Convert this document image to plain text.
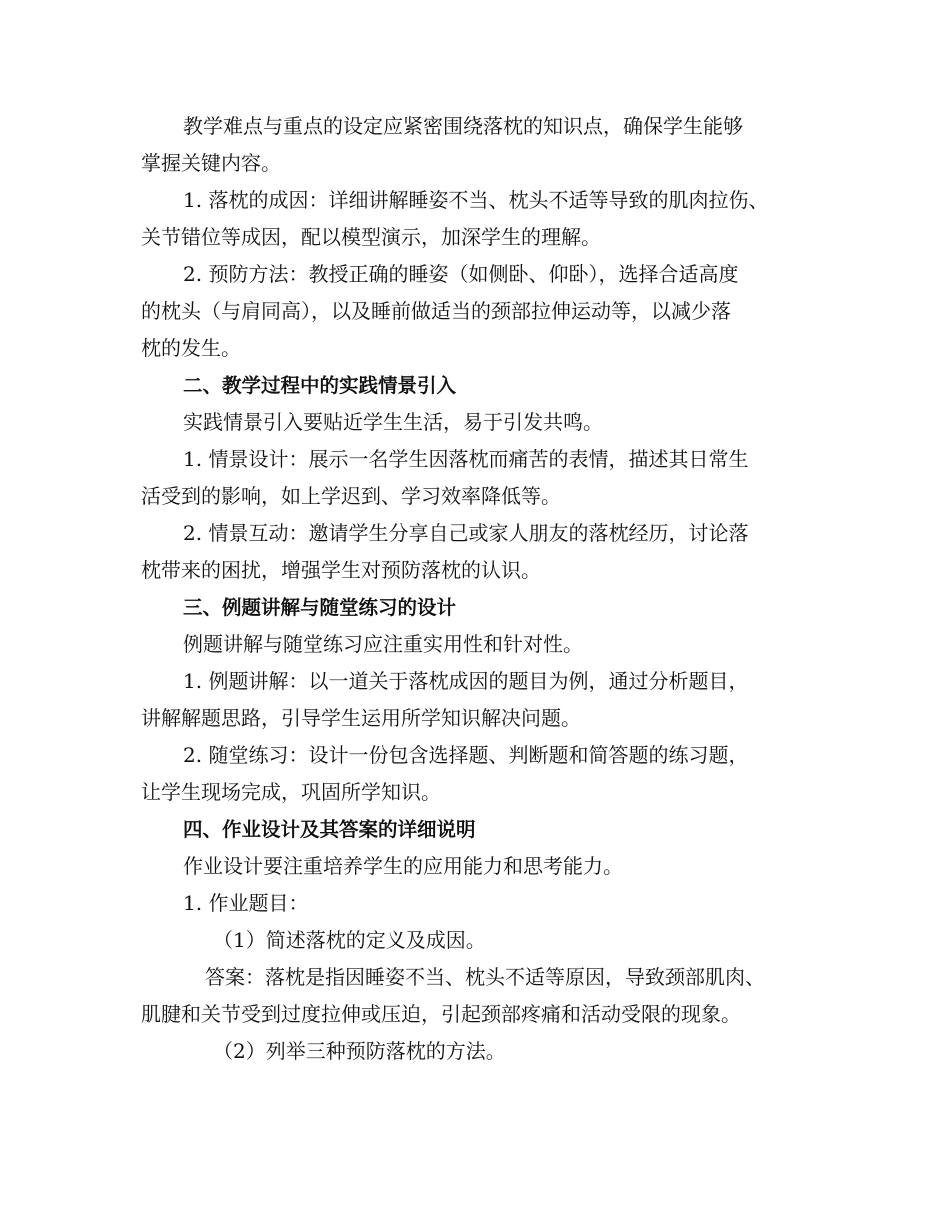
教学难点与重点的设定应紧密围绕落枕的知识点，确保学生能够
掌握关键内容。
1. 落枕的成因：详细讲解睡姿不当、枕头不适等导致的肌肉拉伤、
关节错位等成因，配以模型演示，加深学生的理解。
2. 预防方法：教授正确的睡姿（如侧卧、仰卧），选择合适高度
的枕头（与肩同高），以及睡前做适当的颈部拉伸运动等，以减少落
枕的发生。
二、教学过程中的实践情景引入
实践情景引入要贴近学生生活，易于引发共鸣。
1. 情景设计：展示一名学生因落枕而痛苦的表情，描述其日常生
活受到的影响，如上学迟到、学习效率降低等。
2. 情景互动：邀请学生分享自己或家人朋友的落枕经历，讨论落
枕带来的困扰，增强学生对预防落枕的认识。
三、例题讲解与随堂练习的设计
例题讲解与随堂练习应注重实用性和针对性。
1. 例题讲解：以一道关于落枕成因的题目为例，通过分析题目，
讲解解题思路，引导学生运用所学知识解决问题。
2. 随堂练习：设计一份包含选择题、判断题和简答题的练习题，
让学生现场完成，巩固所学知识。
四、作业设计及其答案的详细说明
作业设计要注重培养学生的应用能力和思考能力。
1. 作业题目：
（1）简述落枕的定义及成因。
答案：落枕是指因睡姿不当、枕头不适等原因，导致颈部肌肉、
肌腱和关节受到过度拉伸或压迫，引起颈部疼痛和活动受限的现象。
（2）列举三种预防落枕的方法。
